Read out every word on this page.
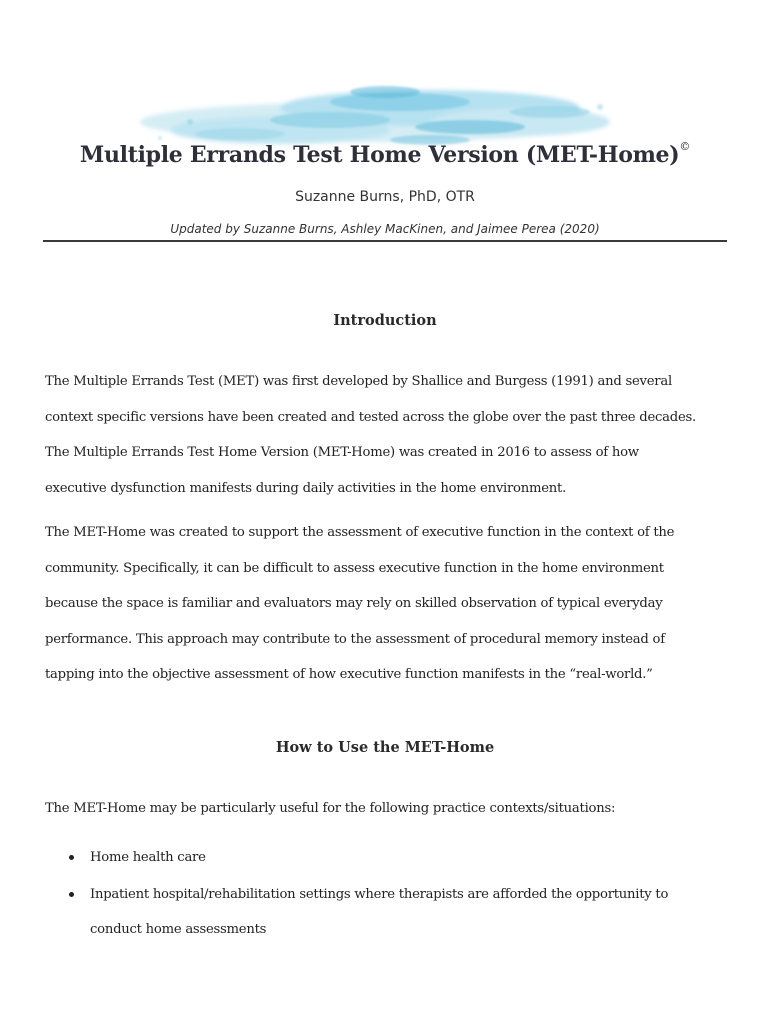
Multiple Errands Test Home Version (MET-Home)©
Suzanne Burns, PhD, OTR
Updated by Suzanne Burns, Ashley MacKinen, and Jaimee Perea (2020)
Introduction

The Multiple Errands Test (MET) was first developed by Shallice and Burgess (1991) and several
context specific versions have been created and tested across the globe over the past three decades.
The Multiple Errands Test Home Version (MET-Home) was created in 2016 to assess of how
executive dysfunction manifests during daily activities in the home environment.

The MET-Home was created to support the assessment of executive function in the context of the
community. Specifically, it can be difficult to assess executive function in the home environment
because the space is familiar and evaluators may rely on skilled observation of typical everyday
performance. This approach may contribute to the assessment of procedural memory instead of
tapping into the objective assessment of how executive function manifests in the “real-world.”

How to Use the MET-Home

The MET-Home may be particularly useful for the following practice contexts/situations:

Home health care
Inpatient hospital/rehabilitation settings where therapists are afforded the opportunity to
conduct home assessments
